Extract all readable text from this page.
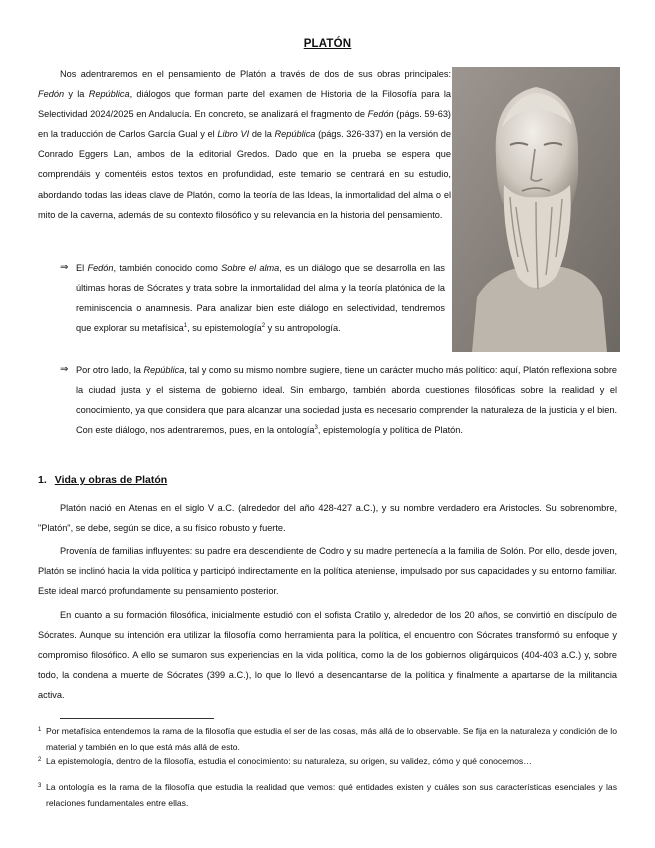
PLATÓN

Nos adentraremos en el pensamiento de Platón a través de dos de sus obras principales: Fedón y la República, diálogos que forman parte del examen de Historia de la Filosofía para la Selectividad 2024/2025 en Andalucía. En concreto, se analizará el fragmento de Fedón (págs. 59-63) en la traducción de Carlos García Gual y el Libro VI de la República (págs. 326-337) en la versión de Conrado Eggers Lan, ambos de la editorial Gredos. Dado que en la prueba se espera que comprendáis y comentéis estos textos en profundidad, este temario se centrará en su estudio, abordando todas las ideas clave de Platón, como la teoría de las Ideas, la inmortalidad del alma o el mito de la caverna, además de su contexto filosófico y su relevancia en la historia del pensamiento.

⇒ El Fedón, también conocido como Sobre el alma, es un diálogo que se desarrolla en las últimas horas de Sócrates y trata sobre la inmortalidad del alma y la teoría platónica de la reminiscencia o anamnesis. Para analizar bien este diálogo en selectividad, tendremos que explorar su metafísica$^1$, su epistemología$^2$ y su antropología.

⇒ Por otro lado, la República, tal y como su mismo nombre sugiere, tiene un carácter mucho más político: aquí, Platón reflexiona sobre la ciudad justa y el sistema de gobierno ideal. Sin embargo, también aborda cuestiones filosóficas sobre la realidad y el conocimiento, ya que considera que para alcanzar una sociedad justa es necesario comprender la naturaleza de la justicia y el bien. Con este diálogo, nos adentraremos, pues, en la ontología$^3$, epistemología y política de Platón.

1. Vida y obras de Platón

Platón nació en Atenas en el siglo V a.C. (alrededor del año 428-427 a.C.), y su nombre verdadero era Aristocles. Su sobrenombre, "Platón", se debe, según se dice, a su físico robusto y fuerte.

Provenía de familias influyentes: su padre era descendiente de Codro y su madre pertenecía a la familia de Solón. Por ello, desde joven, Platón se inclinó hacia la vida política y participó indirectamente en la política ateniense, impulsado por sus capacidades y su entorno familiar. Este ideal marcó profundamente su pensamiento posterior.

En cuanto a su formación filosófica, inicialmente estudió con el sofista Cratilo y, alrededor de los 20 años, se convirtió en discípulo de Sócrates. Aunque su intención era utilizar la filosofía como herramienta para la política, el encuentro con Sócrates transformó su enfoque y compromiso filosófico. A ello se sumaron sus experiencias en la vida política, como la de los gobiernos oligárquicos (404-403 a.C.) y, sobre todo, la condena a muerte de Sócrates (399 a.C.), lo que lo llevó a desencantarse de la política y finalmente a apartarse de la militancia activa.

1 Por metafísica entendemos la rama de la filosofía que estudia el ser de las cosas, más allá de lo observable. Se fija en la naturaleza y condición de lo material y también en lo que está más allá de esto.
2 La epistemología, dentro de la filosofía, estudia el conocimiento: su naturaleza, su origen, su validez, cómo y qué conocemos…
3 La ontología es la rama de la filosofía que estudia la realidad que vemos: qué entidades existen y cuáles son sus características esenciales y las relaciones fundamentales entre ellas.
